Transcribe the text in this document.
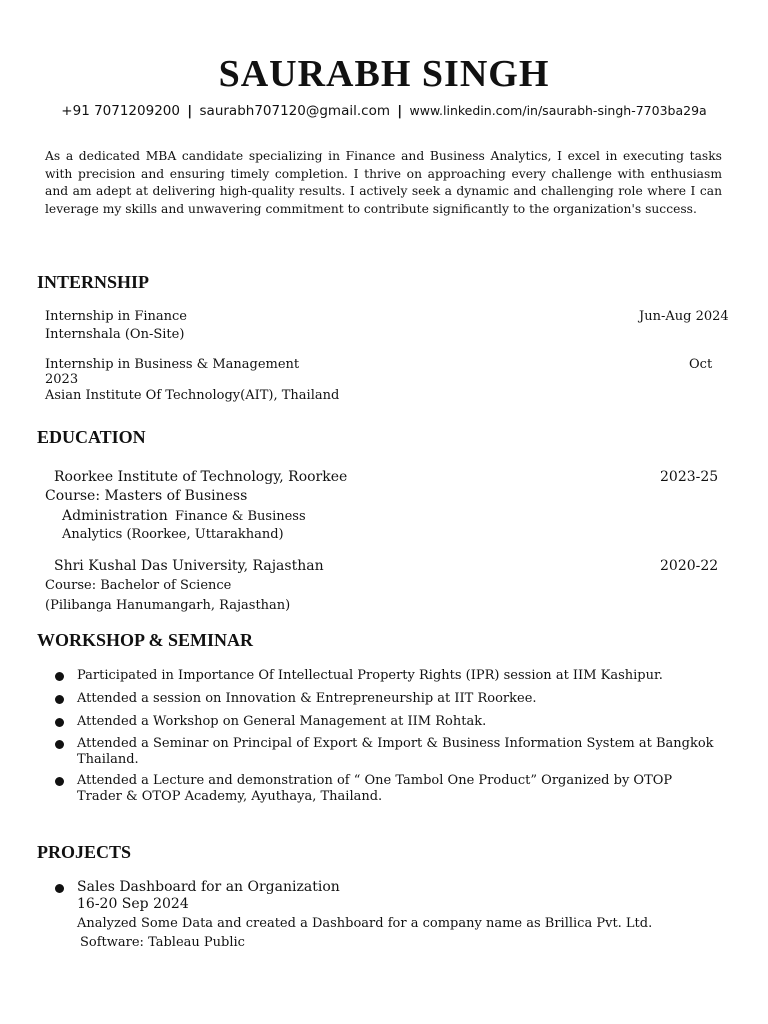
SAURABH SINGH
+91 7071209200 | saurabh707120@gmail.com | www.linkedin.com/in/saurabh-singh-7703ba29a
As a dedicated MBA candidate specializing in Finance and Business Analytics, I excel in executing tasks with precision and ensuring timely completion. I thrive on approaching every challenge with enthusiasm and am adept at delivering high-quality results. I actively seek a dynamic and challenging role where I can leverage my skills and unwavering commitment to contribute significantly to the organization's success.
INTERNSHIP
Internship in Finance	Jun-Aug 2024
Internshala (On-Site)
Internship in Business & Management	Oct
2023
Asian Institute Of Technology(AIT), Thailand
EDUCATION
Roorkee Institute of Technology, Roorkee	2023-25
Course: Masters of Business
Administration Finance & Business
Analytics (Roorkee, Uttarakhand)
Shri Kushal Das University, Rajasthan	2020-22
Course: Bachelor of Science
(Pilibanga Hanumangarh, Rajasthan)
WORKSHOP & SEMINAR
Participated in Importance Of Intellectual Property Rights (IPR) session at IIM Kashipur.
Attended a session on Innovation & Entrepreneurship at IIT Roorkee.
Attended a Workshop on General Management at IIM Rohtak.
Attended a Seminar on Principal of Export & Import & Business Information System at Bangkok Thailand.
Attended a Lecture and demonstration of “ One Tambol One Product” Organized by OTOP Trader & OTOP Academy, Ayuthaya, Thailand.
PROJECTS
Sales Dashboard for an Organization
16-20 Sep 2024
Analyzed Some Data and created a Dashboard for a company name as Brillica Pvt. Ltd.
Software: Tableau Public
